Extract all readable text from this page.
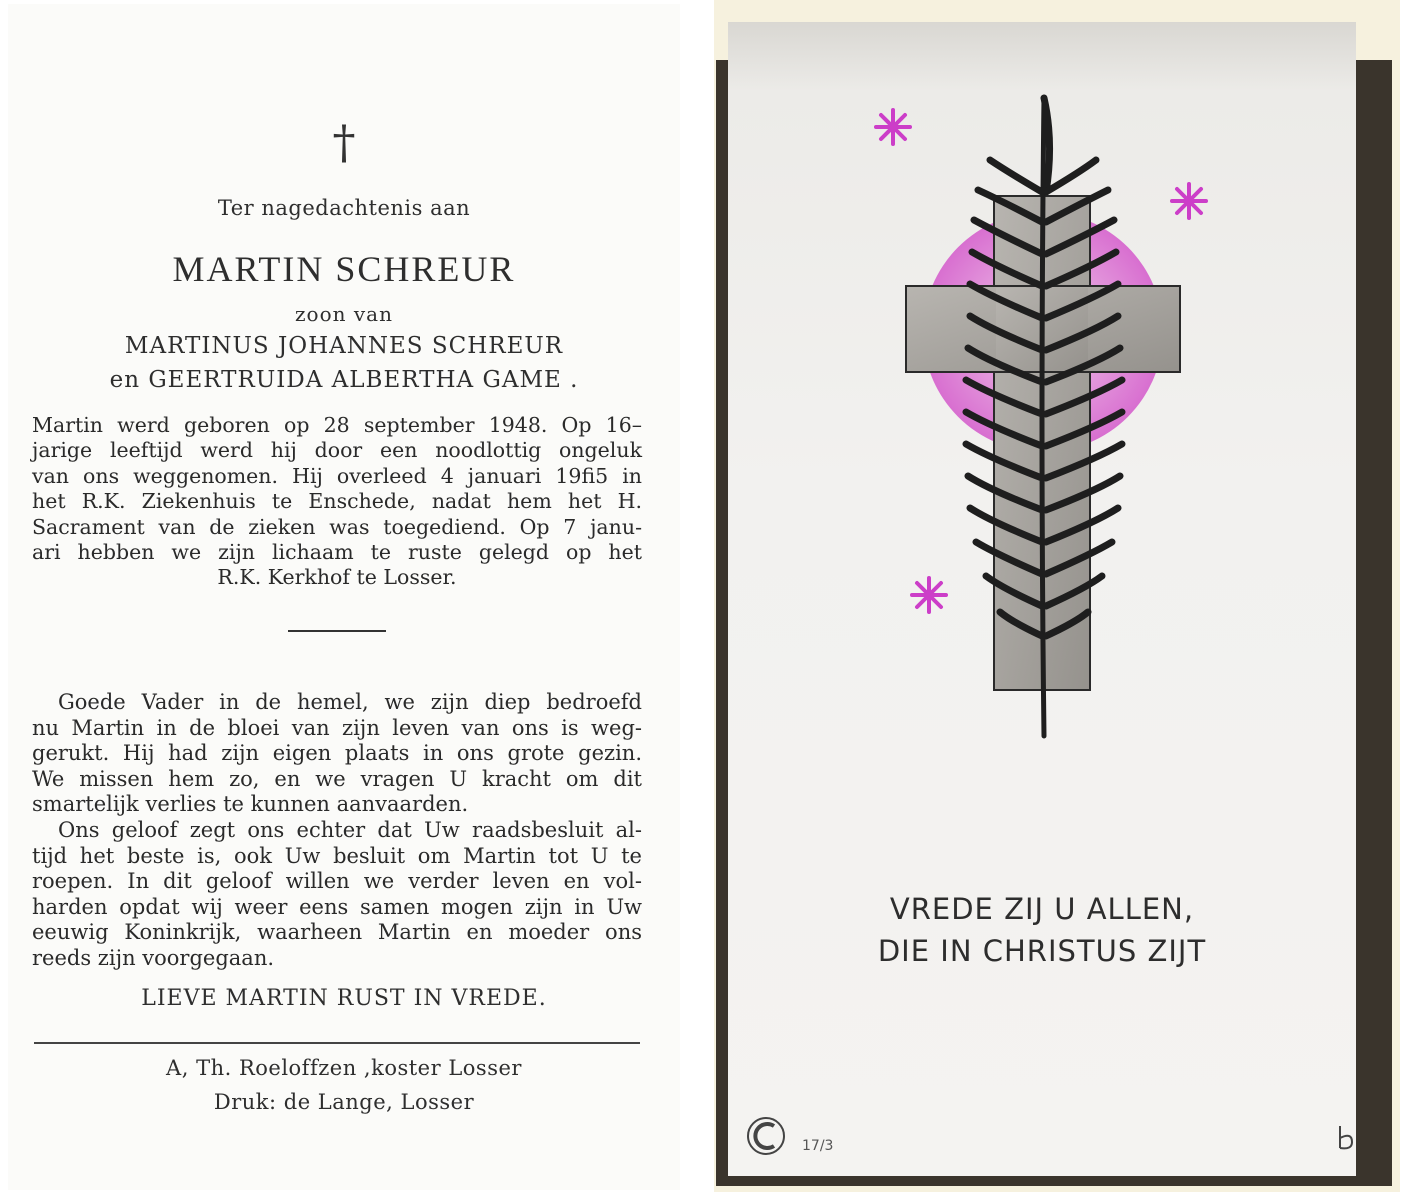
†
Ter nagedachtenis aan
MARTIN SCHREUR
zoon van
MARTINUS JOHANNES SCHREUR
en GEERTRUIDA ALBERTHA GAME .
Martin werd geboren op 28 september 1948. Op 16–
jarige leeftijd werd hij door een noodlottig ongeluk
van ons weggenomen. Hij overleed 4 januari 19fi5 in
het R.K. Ziekenhuis te Enschede, nadat hem het H.
Sacrament van de zieken was toegediend. Op 7 janu-
ari hebben we zijn lichaam te ruste gelegd op het
R.K. Kerkhof te Losser.
Goede Vader in de hemel, we zijn diep bedroefd
nu Martin in de bloei van zijn leven van ons is weg-
gerukt. Hij had zijn eigen plaats in ons grote gezin.
We missen hem zo, en we vragen U kracht om dit
smartelijk verlies te kunnen aanvaarden.
Ons geloof zegt ons echter dat Uw raadsbesluit al-
tijd het beste is, ook Uw besluit om Martin tot U te
roepen. In dit geloof willen we verder leven en vol-
harden opdat wij weer eens samen mogen zijn in Uw
eeuwig Koninkrijk, waarheen Martin en moeder ons
reeds zijn voorgegaan.
LIEVE MARTIN RUST IN VREDE.
A, Th. Roeloffzen ,koster Losser
Druk: de Lange, Losser
VREDE ZIJ U ALLEN,
DIE IN CHRISTUS ZIJT
17/3
